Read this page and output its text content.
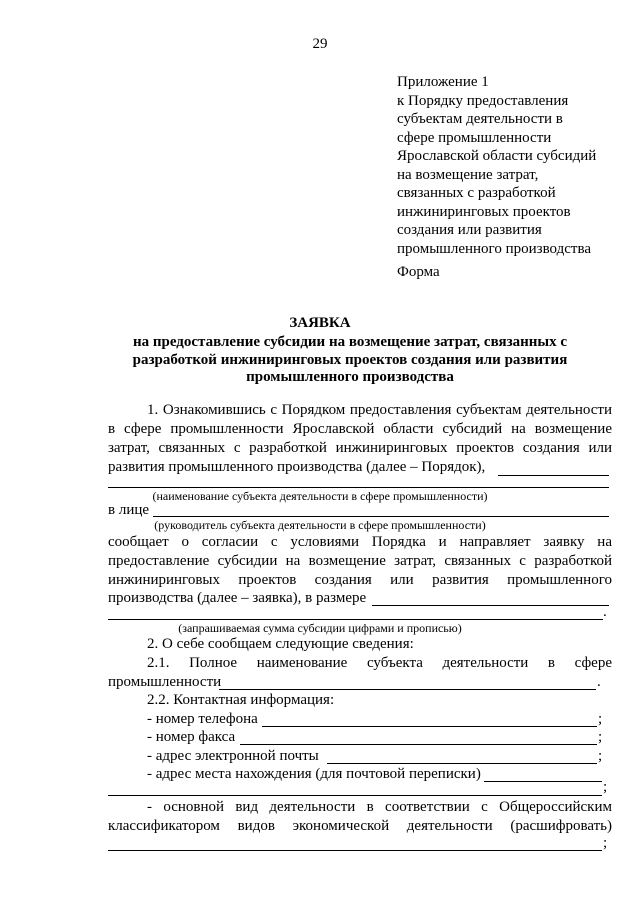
29
Приложение 1
к Порядку предоставления
субъектам деятельности в
сфере промышленности
Ярославской области субсидий
на возмещение затрат,
связанных с разработкой
инжиниринговых проектов
создания или развития
промышленного производства
Форма
ЗАЯВКА
на предоставление субсидии на возмещение затрат, связанных с
разработкой инжиниринговых проектов создания или развития
промышленного производства
1. Ознакомившись с Порядком предоставления субъектам деятельности
в сфере промышленности Ярославской области субсидий на возмещение
затрат, связанных с разработкой инжиниринговых проектов создания или
развития промышленного производства (далее – Порядок),
(наименование субъекта деятельности в сфере промышленности)
в лице
(руководитель субъекта деятельности в сфере промышленности)
сообщает о согласии с условиями Порядка и направляет заявку на
предоставление субсидии на возмещение затрат, связанных с разработкой
инжиниринговых проектов создания или развития промышленного
производства (далее – заявка), в размере
.
(запрашиваемая сумма субсидии цифрами и прописью)
2. О себе сообщаем следующие сведения:
2.1. Полное наименование субъекта деятельности в сфере
промышленности	.
2.2. Контактная информация:
- номер телефона	;
- номер факса	;
- адрес электронной почты	;
- адрес места нахождения (для почтовой переписки)
;
- основной вид деятельности в соответствии с Общероссийским
классификатором видов экономической деятельности (расшифровать)
;
